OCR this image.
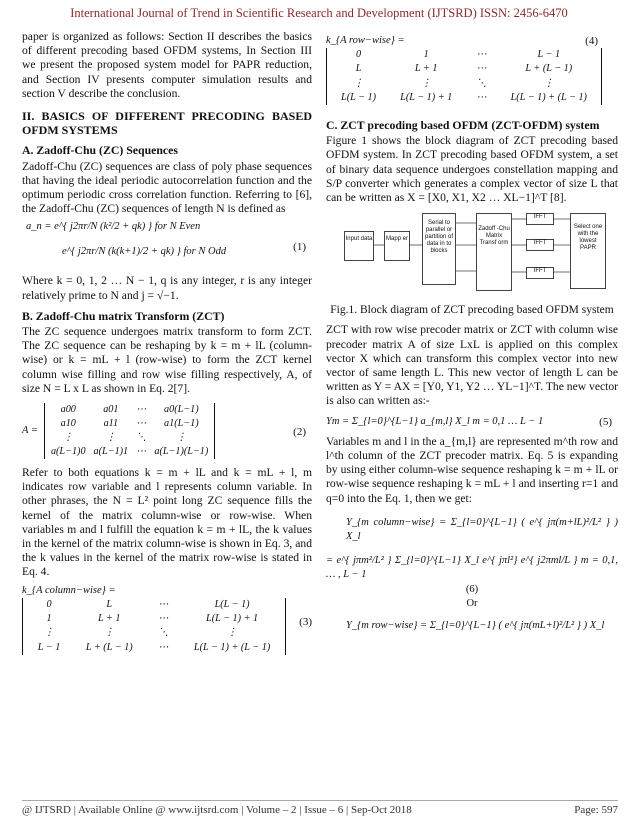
International Journal of Trend in Scientific Research and Development (IJTSRD) ISSN: 2456-6470

paper is organized as follows: Section II describes the basics of different precoding based OFDM systems, In Section III we present the proposed system model for PAPR reduction, and Section IV presents computer simulation results and section V describe the conclusion.

II. BASICS OF DIFFERENT PRECODING BASED OFDM SYSTEMS
A. Zadoff-Chu (ZC) Sequences

Zadoff-Chu (ZC) sequences are class of poly phase sequences that having the ideal periodic autocorrelation function and the optimum periodic cross correlation function. Referring to [6], the Zadoff-Chu (ZC) sequences of length N is defined as

a_n = e^{ j2πr/N (k²/2 + qk) } for N Even
e^{ j2πr/N (k(k+1)/2 + qk) } for N Odd	(1)

Where k = 0, 1, 2 … N − 1, q is any integer, r is any integer relatively prime to N and j = √−1.

B. Zadoff-Chu matrix Transform (ZCT)

The ZC sequence undergoes matrix transform to form ZCT. The ZC sequence can be reshaping by k = m + lL (column-wise) or k = mL + l (row-wise) to form the ZCT kernel column wise filling and row wise filling respectively, A, of size N = L x L as shown in Eq. 2[7].

A =
a00	a01	⋯	a0(L−1)
a10	a11	⋯	a1(L−1)
⋮	⋮	⋱	⋮
a(L−1)0 a(L−1)1 ⋯ a(L−1)(L−1)
(2)

Refer to both equations k = m + lL and k = mL + l, m indicates row variable and l represents column variable. In other phrases, the N = L² point long ZC sequence fills the kernel of the matrix column-wise or row-wise. When variables m and l fulfill the equation k = m + lL, the k values in the kernel of the matrix column-wise is shown in Eq. 3, and the k values in the kernel of the matrix row-wise is stated in Eq. 4.

k_{A column−wise} =
0	L	⋯	L(L − 1)
1	L + 1	⋯	L(L − 1) + 1
⋮	⋮	⋱	⋮
L − 1	L + (L − 1)	⋯	L(L − 1) + (L − 1)
(3)
k_{A row−wise} =
0	1	⋯	L − 1
L	L + 1	⋯	L + (L − 1)
⋮	⋮	⋱	⋮
L(L − 1)	L(L − 1) + 1	⋯	L(L − 1) + (L − 1)
(4)
C. ZCT precoding based OFDM (ZCT-OFDM) system

Figure 1 shows the block diagram of ZCT precoding based OFDM system. In ZCT precoding based OFDM system, a set of binary data sequence undergoes constellation mapping and S/P converter which generates a complex vector of size L that can be written as X = [X0, X1, X2 … XL−1]^T [8].

Input data	Mapp er
Serial to parallel or partition of data in to blocks
Zadoff -Chu Matrix Transf orm
IFFT
IFFT
IFFT
Select one with the lowest PAPR
Fig.1. Block diagram of ZCT precoding based OFDM system

ZCT with row wise precoder matrix or ZCT with column wise precoder matrix A of size LxL is applied on this complex vector X which can transform this complex vector into new vector of same length L. This new vector of length L can be written as Y = AX = [Y0, Y1, Y2 … YL−1]^T. The new vector is also can written as:-

Ym = Σ_{l=0}^{L−1} a_{m,l} X_l m = 0,1 … L − 1	(5)

Variables m and l in the a_{m,l} are represented m^th row and l^th column of the ZCT precoder matrix. Eq. 5 is expanding by using either column-wise sequence reshaping k = m + lL or row-wise sequence reshaping k = mL + l and inserting r=1 and q=0 into the Eq. 1, then we get:

Y_{m column−wise} = Σ_{l=0}^{L−1} ( e^{ jπ(m+lL)²/L² } ) X_l
= e^{ jπm²/L² } Σ_{l=0}^{L−1} X_l e^{ jπl²} e^{ j2πml/L } m = 0,1, … , L − 1
(6)
Or
Y_{m row−wise} = Σ_{l=0}^{L−1} ( e^{ jπ(mL+l)²/L² } ) X_l
@ IJTSRD | Available Online @ www.ijtsrd.com | Volume – 2 | Issue – 6 | Sep-Oct 2018	Page: 597
